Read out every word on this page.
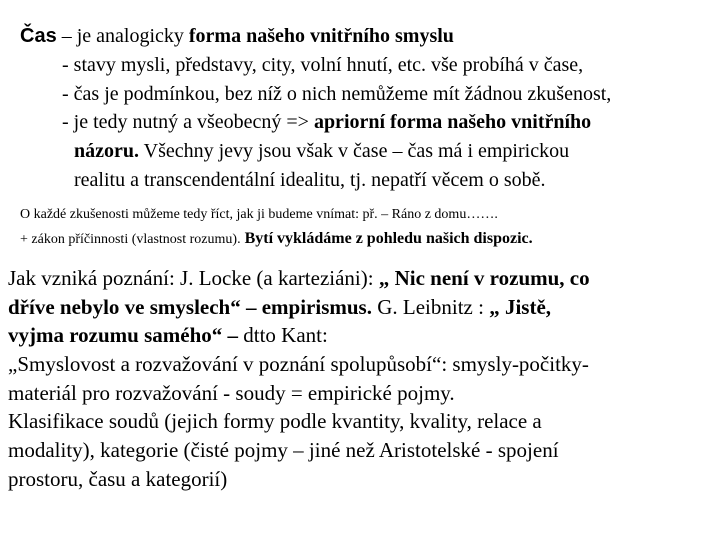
Čas – je analogicky forma našeho vnitřního smyslu
- stavy mysli, představy, city, volní hnutí, etc. vše probíhá v čase,
- čas je podmínkou, bez níž o nich nemůžeme mít žádnou zkušenost,
- je tedy nutný a všeobecný => apriorní forma našeho vnitřního
názoru. Všechny jevy jsou však v čase – čas má i empirickou
realitu a transcendentální idealitu, tj. nepatří věcem o sobě.
O každé zkušenosti můžeme tedy říct, jak ji budeme vnímat: př. – Ráno z domu…….
+ zákon příčinnosti (vlastnost rozumu). Bytí vykládáme z pohledu našich dispozic.
Jak vzniká poznání: J. Locke (a karteziáni): „ Nic není v rozumu, co
dříve nebylo ve smyslech“ – empirismus. G. Leibnitz : „ Jistě,
vyjma rozumu samého“ – dtto Kant:
„Smyslovost a rozvažování v poznání spolupůsobí“: smysly-počitky-
materiál pro rozvažování - soudy = empirické pojmy.
Klasifikace soudů (jejich formy podle kvantity, kvality, relace a
modality), kategorie (čisté pojmy – jiné než Aristotelské - spojení
prostoru, času a kategorií)
